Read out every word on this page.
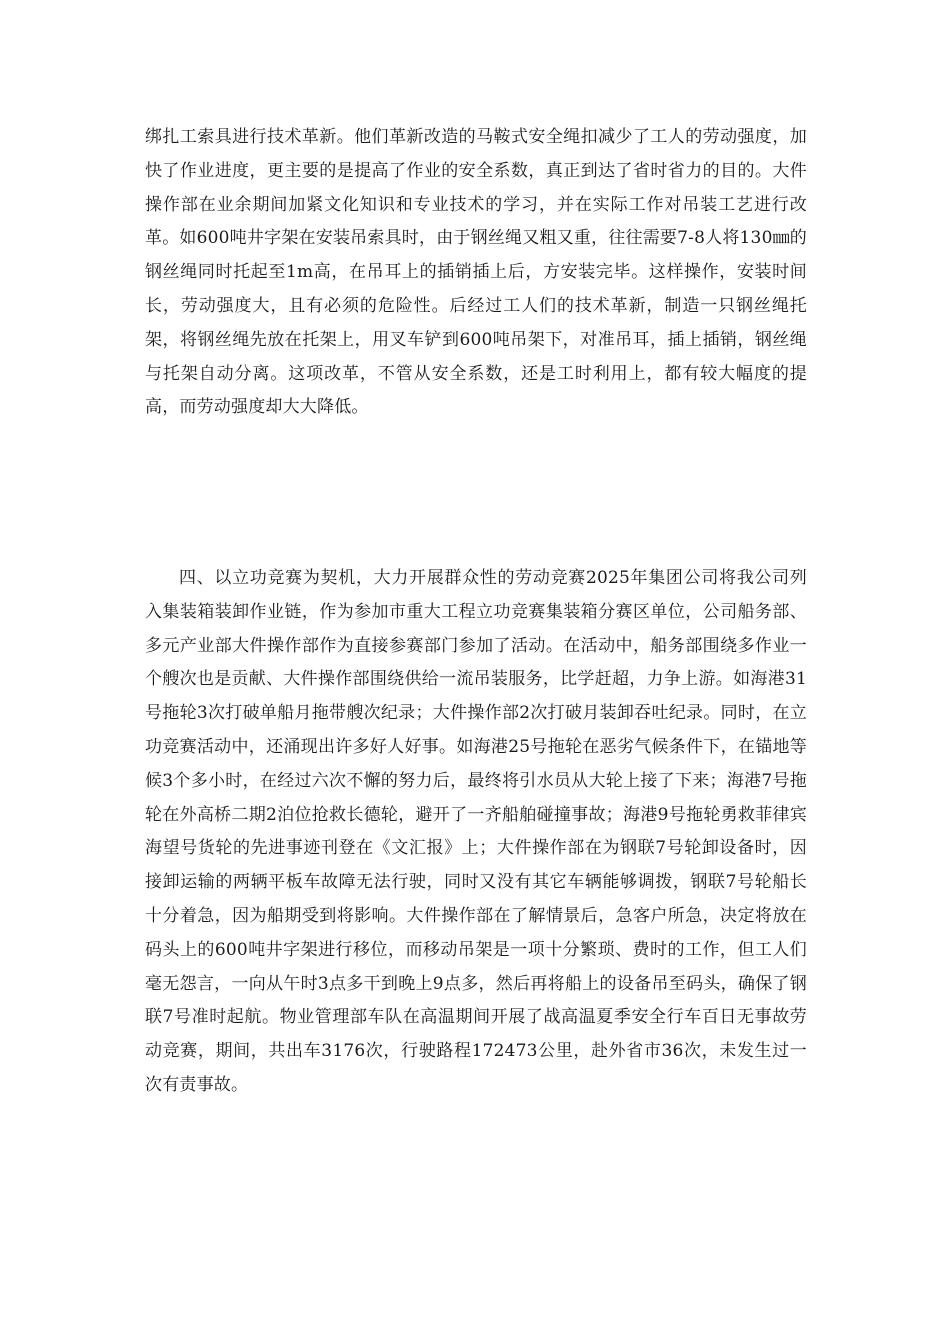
绑扎工索具进行技术革新。他们革新改造的马鞍式安全绳扣减少了工人的劳动强度，加快了作业进度，更主要的是提高了作业的安全系数，真正到达了省时省力的目的。大件操作部在业余期间加紧文化知识和专业技术的学习，并在实际工作对吊装工艺进行改革。如600吨井字架在安装吊索具时，由于钢丝绳又粗又重，往往需要7-8人将130㎜的钢丝绳同时托起至1m高，在吊耳上的插销插上后，方安装完毕。这样操作，安装时间长，劳动强度大，且有必须的危险性。后经过工人们的技术革新，制造一只钢丝绳托架，将钢丝绳先放在托架上，用叉车铲到600吨吊架下，对准吊耳，插上插销，钢丝绳与托架自动分离。这项改革，不管从安全系数，还是工时利用上，都有较大幅度的提高，而劳动强度却大大降低。

四、以立功竞赛为契机，大力开展群众性的劳动竞赛2025年集团公司将我公司列入集装箱装卸作业链，作为参加市重大工程立功竞赛集装箱分赛区单位，公司船务部、多元产业部大件操作部作为直接参赛部门参加了活动。在活动中，船务部围绕多作业一个艘次也是贡献、大件操作部围绕供给一流吊装服务，比学赶超，力争上游。如海港31号拖轮3次打破单船月拖带艘次纪录；大件操作部2次打破月装卸吞吐纪录。同时，在立功竞赛活动中，还涌现出许多好人好事。如海港25号拖轮在恶劣气候条件下，在锚地等候3个多小时，在经过六次不懈的努力后，最终将引水员从大轮上接了下来；海港7号拖轮在外高桥二期2泊位抢救长德轮，避开了一齐船舶碰撞事故；海港9号拖轮勇救菲律宾海望号货轮的先进事迹刊登在《文汇报》上；大件操作部在为钢联7号轮卸设备时，因接卸运输的两辆平板车故障无法行驶，同时又没有其它车辆能够调拨，钢联7号轮船长十分着急，因为船期受到将影响。大件操作部在了解情景后，急客户所急，决定将放在码头上的600吨井字架进行移位，而移动吊架是一项十分繁琐、费时的工作，但工人们毫无怨言，一向从午时3点多干到晚上9点多，然后再将船上的设备吊至码头，确保了钢联7号准时起航。物业管理部车队在高温期间开展了战高温夏季安全行车百日无事故劳动竞赛，期间，共出车3176次，行驶路程172473公里，赴外省市36次，未发生过一次有责事故。
